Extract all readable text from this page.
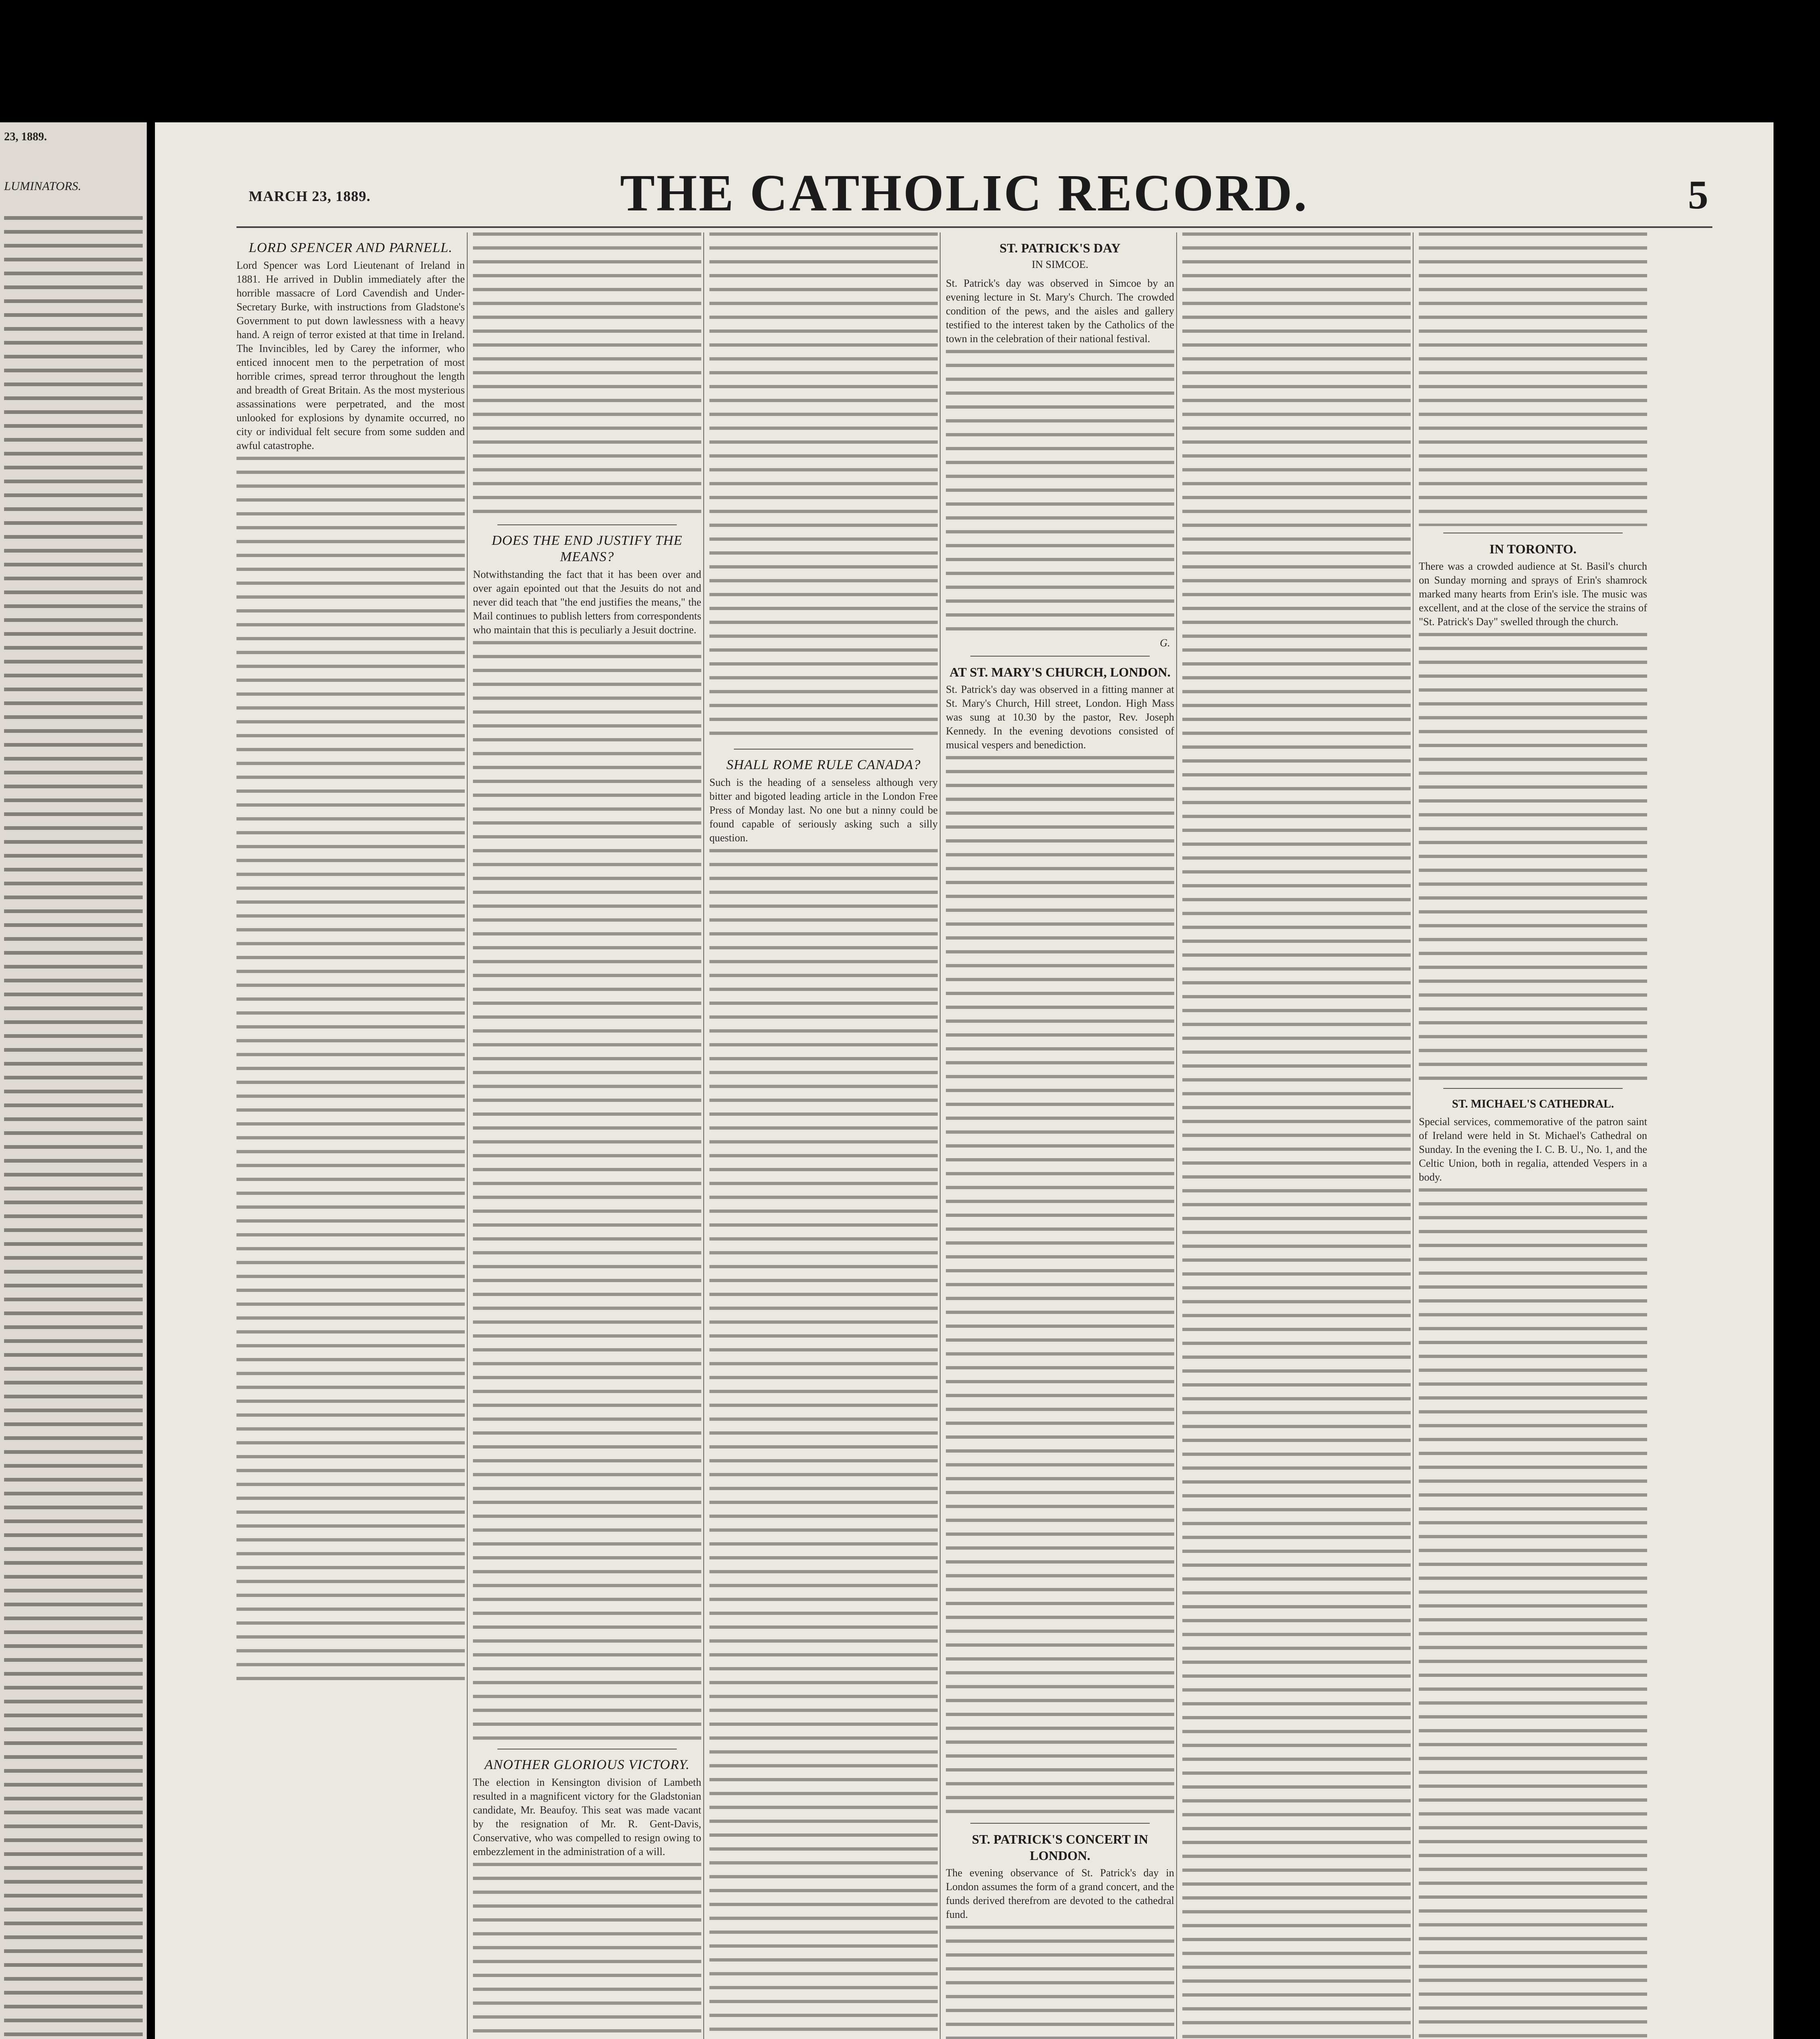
23, 1889.
LUMINATORS.
MARCH 23, 1889.	THE CATHOLIC RECORD.	5
LORD SPENCER AND PARNELL.

Lord Spencer was Lord Lieutenant of Ireland in 1881. He arrived in Dublin immediately after the horrible massacre of Lord Cavendish and Under-Secretary Burke, with instructions from Gladstone's Government to put down lawlessness with a heavy hand. A reign of terror existed at that time in Ireland. The Invincibles, led by Carey the informer, who enticed innocent men to the perpetration of most horrible crimes, spread terror throughout the length and breadth of Great Britain. As the most mysterious assassinations were perpetrated, and the most unlooked for explosions by dynamite occurred, no city or individual felt secure from some sudden and awful catastrophe.

DOES THE END JUSTIFY THE MEANS?

Notwithstanding the fact that it has been over and over again epointed out that the Jesuits do not and never did teach that "the end justifies the means," the Mail continues to publish letters from correspondents who maintain that this is peculiarly a Jesuit doctrine.

ANOTHER GLORIOUS VICTORY.

The election in Kensington division of Lambeth resulted in a magnificent victory for the Gladstonian candidate, Mr. Beaufoy. This seat was made vacant by the resignation of Mr. R. Gent-Davis, Conservative, who was compelled to resign owing to embezzlement in the administration of a will.

SHALL ROME RULE CANADA?

Such is the heading of a senseless although very bitter and bigoted leading article in the London Free Press of Monday last. No one but a ninny could be found capable of seriously asking such a silly question.

ST. PATRICK'S DAY
IN SIMCOE.

St. Patrick's day was observed in Simcoe by an evening lecture in St. Mary's Church. The crowded condition of the pews, and the aisles and gallery testified to the interest taken by the Catholics of the town in the celebration of their national festival.

G.
AT ST. MARY'S CHURCH, LONDON.

St. Patrick's day was observed in a fitting manner at St. Mary's Church, Hill street, London. High Mass was sung at 10.30 by the pastor, Rev. Joseph Kennedy. In the evening devotions consisted of musical vespers and benediction.

ST. PATRICK'S CONCERT IN LONDON.

The evening observance of St. Patrick's day in London assumes the form of a grand concert, and the funds derived therefrom are devoted to the cathedral fund.

IN TORONTO.

There was a crowded audience at St. Basil's church on Sunday morning and sprays of Erin's shamrock marked many hearts from Erin's isle. The music was excellent, and at the close of the service the strains of "St. Patrick's Day" swelled through the church.

ST. MICHAEL'S CATHEDRAL.

Special services, commemorative of the patron saint of Ireland were held in St. Michael's Cathedral on Sunday. In the evening the I. C. B. U., No. 1, and the Celtic Union, both in regalia, attended Vespers in a body.
